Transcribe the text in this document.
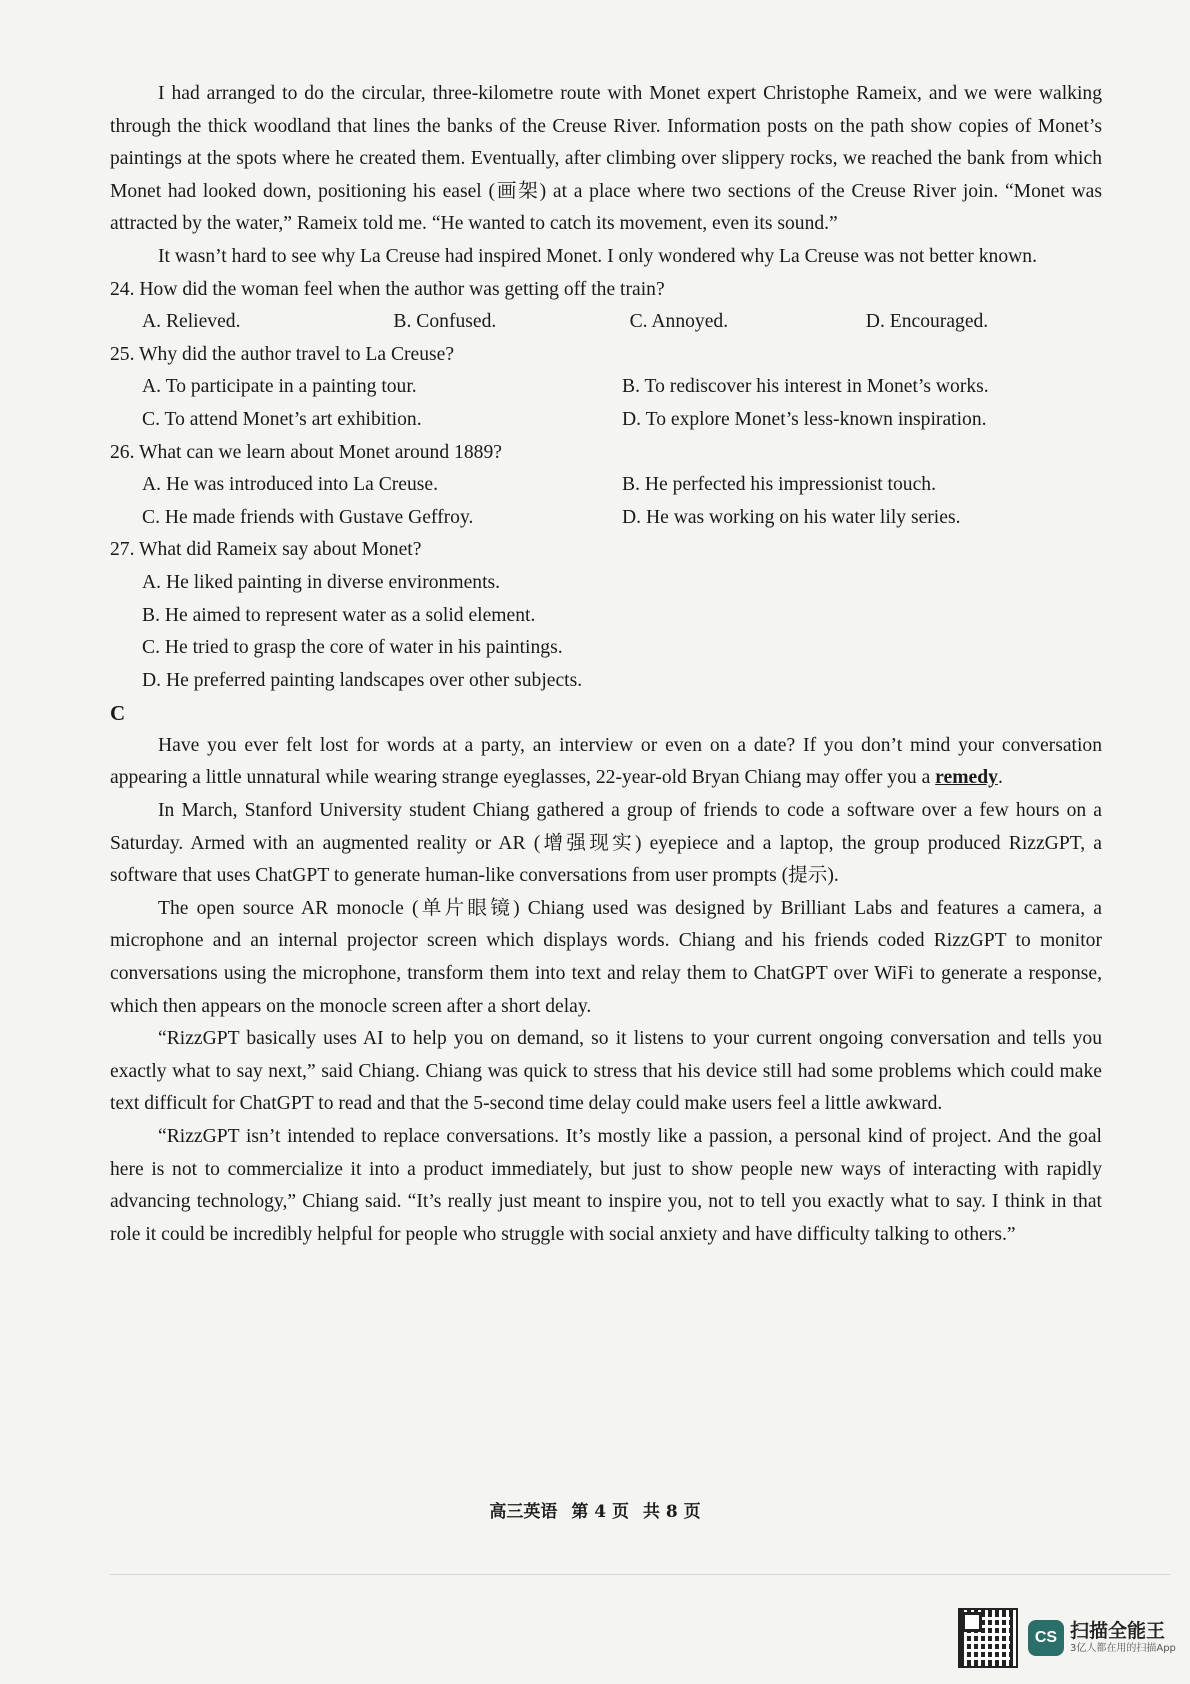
I had arranged to do the circular, three-kilometre route with Monet expert Christophe Rameix, and we were walking through the thick woodland that lines the banks of the Creuse River. Information posts on the path show copies of Monet’s paintings at the spots where he created them. Eventually, after climbing over slippery rocks, we reached the bank from which Monet had looked down, positioning his easel (画架) at a place where two sections of the Creuse River join. “Monet was attracted by the water,” Rameix told me. “He wanted to catch its movement, even its sound.”

It wasn’t hard to see why La Creuse had inspired Monet. I only wondered why La Creuse was not better known.

24. How did the woman feel when the author was getting off the train?

A. Relieved.	B. Confused.	C. Annoyed.	D. Encouraged.

25. Why did the author travel to La Creuse?

A. To participate in a painting tour.	B. To rediscover his interest in Monet’s works.
C. To attend Monet’s art exhibition.	D. To explore Monet’s less-known inspiration.

26. What can we learn about Monet around 1889?

A. He was introduced into La Creuse.	B. He perfected his impressionist touch.
C. He made friends with Gustave Geffroy.	D. He was working on his water lily series.

27. What did Rameix say about Monet?

A. He liked painting in diverse environments.

B. He aimed to represent water as a solid element.

C. He tried to grasp the core of water in his paintings.

D. He preferred painting landscapes over other subjects.

C

Have you ever felt lost for words at a party, an interview or even on a date? If you don’t mind your conversation appearing a little unnatural while wearing strange eyeglasses, 22-year-old Bryan Chiang may offer you a remedy.

In March, Stanford University student Chiang gathered a group of friends to code a software over a few hours on a Saturday. Armed with an augmented reality or AR (增强现实) eyepiece and a laptop, the group produced RizzGPT, a software that uses ChatGPT to generate human-like conversations from user prompts (提示).

The open source AR monocle (单片眼镜) Chiang used was designed by Brilliant Labs and features a camera, a microphone and an internal projector screen which displays words. Chiang and his friends coded RizzGPT to monitor conversations using the microphone, transform them into text and relay them to ChatGPT over WiFi to generate a response, which then appears on the monocle screen after a short delay.

“RizzGPT basically uses AI to help you on demand, so it listens to your current ongoing conversation and tells you exactly what to say next,” said Chiang. Chiang was quick to stress that his device still had some problems which could make text difficult for ChatGPT to read and that the 5-second time delay could make users feel a little awkward.

“RizzGPT isn’t intended to replace conversations. It’s mostly like a passion, a personal kind of project. And the goal here is not to commercialize it into a product immediately, but just to show people new ways of interacting with rapidly advancing technology,” Chiang said. “It’s really just meant to inspire you, not to tell you exactly what to say. I think in that role it could be incredibly helpful for people who struggle with social anxiety and have difficulty talking to others.”

高三英语 第 4 页 共 8 页
CS 扫描全能王
3亿人都在用的扫描App
